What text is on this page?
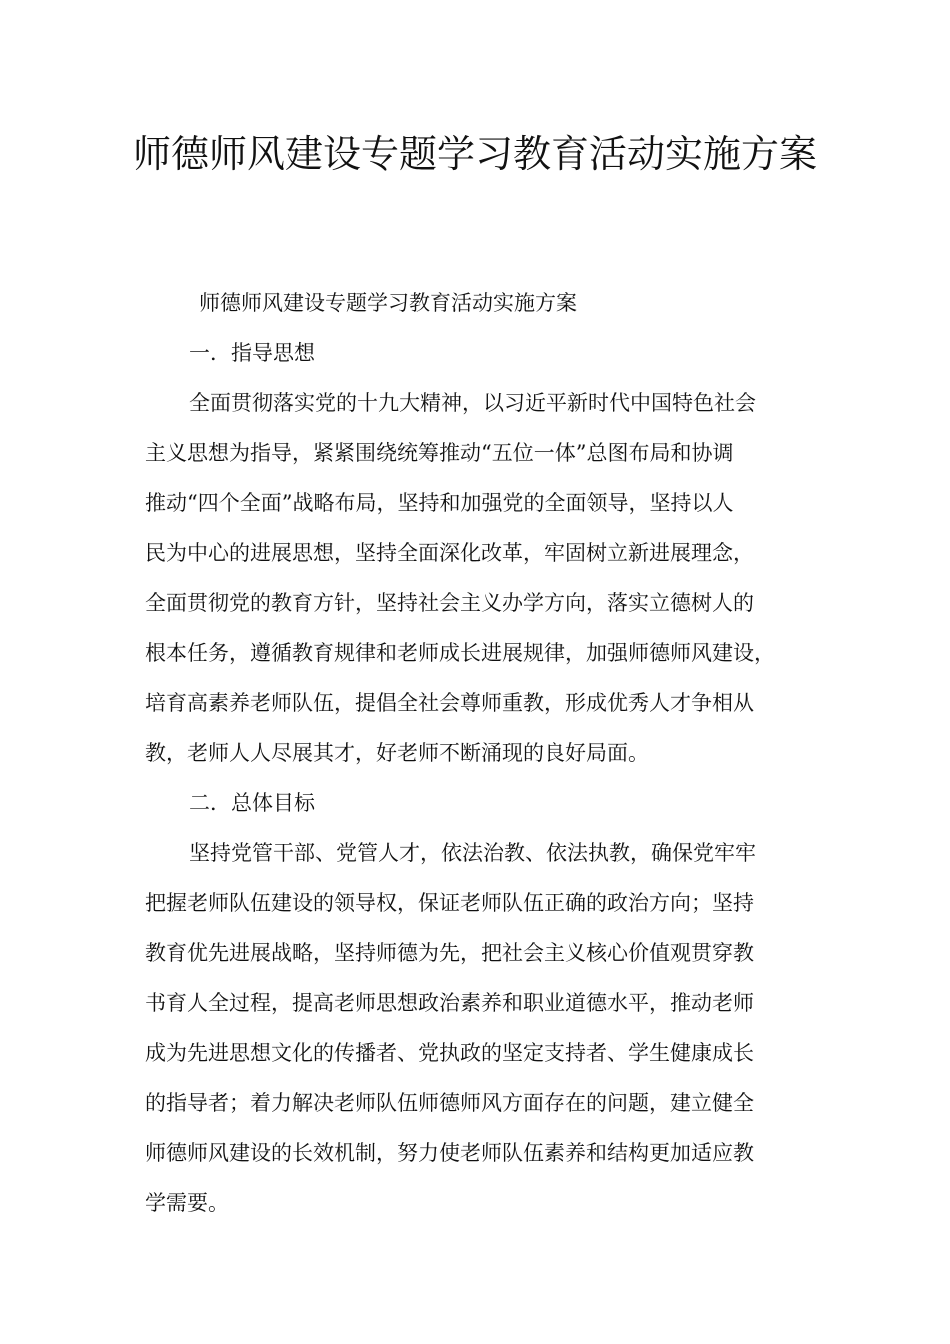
师德师风建设专题学习教育活动实施方案
师德师风建设专题学习教育活动实施方案
一．指导思想
全面贯彻落实党的十九大精神，以习近平新时代中国特色社会
主义思想为指导，紧紧围绕统筹推动“五位一体”总图布局和协调
推动“四个全面”战略布局，坚持和加强党的全面领导，坚持以人
民为中心的进展思想，坚持全面深化改革，牢固树立新进展理念，
全面贯彻党的教育方针，坚持社会主义办学方向，落实立德树人的
根本任务，遵循教育规律和老师成长进展规律，加强师德师风建设，
培育高素养老师队伍，提倡全社会尊师重教，形成优秀人才争相从
教，老师人人尽展其才，好老师不断涌现的良好局面。
二．总体目标
坚持党管干部、党管人才，依法治教、依法执教，确保党牢牢
把握老师队伍建设的领导权，保证老师队伍正确的政治方向；坚持
教育优先进展战略，坚持师德为先，把社会主义核心价值观贯穿教
书育人全过程，提高老师思想政治素养和职业道德水平，推动老师
成为先进思想文化的传播者、党执政的坚定支持者、学生健康成长
的指导者；着力解决老师队伍师德师风方面存在的问题，建立健全
师德师风建设的长效机制，努力使老师队伍素养和结构更加适应教
学需要。
